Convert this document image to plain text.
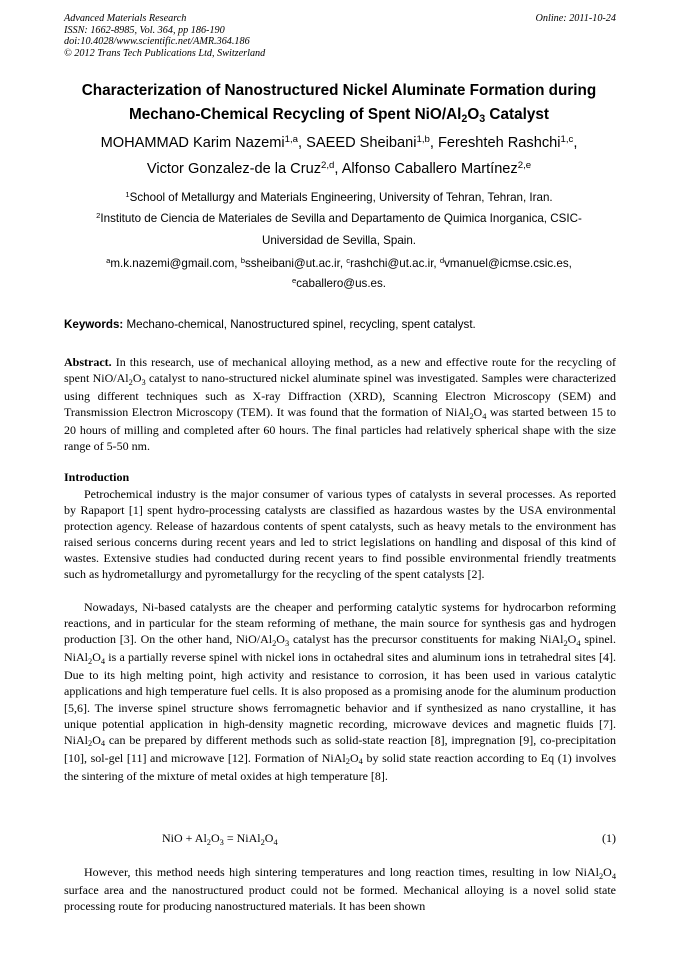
Advanced Materials Research
ISSN: 1662-8985, Vol. 364, pp 186-190
doi:10.4028/www.scientific.net/AMR.364.186
© 2012 Trans Tech Publications Ltd, Switzerland
Online: 2011-10-24
Characterization of Nanostructured Nickel Aluminate Formation during
Mechano-Chemical Recycling of Spent NiO/$Al_2O_3$ Catalyst
MOHAMMAD Karim Nazemi$^{1,a}$, SAEED Sheibani$^{1,b}$, Fereshteh Rashchi$^{1,c}$,
Victor Gonzalez-de la Cruz$^{2,d}$, Alfonso Caballero Martínez$^{2,e}$
$^1$School of Metallurgy and Materials Engineering, University of Tehran, Tehran, Iran.
$^2$Instituto de Ciencia de Materiales de Sevilla and Departamento de Quimica Inorganica, CSIC-
Universidad de Sevilla, Spain.
$^a$m.k.nazemi@gmail.com, $^b$ssheibani@ut.ac.ir, $^c$rashchi@ut.ac.ir, $^d$vmanuel@icmse.csic.es,
$^e$caballero@us.es.
Keywords: Mechano-chemical, Nanostructured spinel, recycling, spent catalyst.

Abstract. In this research, use of mechanical alloying method, as a new and effective route for the recycling of spent NiO/$Al_2O_3$ catalyst to nano-structured nickel aluminate spinel was investigated. Samples were characterized using different techniques such as X-ray Diffraction (XRD), Scanning Electron Microscopy (SEM) and Transmission Electron Microscopy (TEM). It was found that the formation of $NiAl_2O_4$ was started between 15 to 20 hours of milling and completed after 60 hours. The final particles had relatively spherical shape with the size range of 5-50 nm.

Introduction

Petrochemical industry is the major consumer of various types of catalysts in several processes. As reported by Rapaport [1] spent hydro-processing catalysts are classified as hazardous wastes by the USA environmental protection agency. Release of hazardous contents of spent catalysts, such as heavy metals to the environment has raised serious concerns during recent years and led to strict legislations on handling and disposal of this kind of wastes. Extensive studies had conducted during recent years to find possible environmental friendly treatments such as hydrometallurgy and pyrometallurgy for the recycling of the spent catalysts [2].

Nowadays, Ni-based catalysts are the cheaper and performing catalytic systems for hydrocarbon reforming reactions, and in particular for the steam reforming of methane, the main source for synthesis gas and hydrogen production [3]. On the other hand, NiO/$Al_2O_3$ catalyst has the precursor constituents for making $NiAl_2O_4$ spinel. $NiAl_2O_4$ is a partially reverse spinel with nickel ions in octahedral sites and aluminum ions in tetrahedral sites [4]. Due to its high melting point, high activity and resistance to corrosion, it has been used in various catalytic applications and high temperature fuel cells. It is also proposed as a promising anode for the aluminum production [5,6]. The inverse spinel structure shows ferromagnetic behavior and if synthesized as nano crystalline, it has unique potential application in high-density magnetic recording, microwave devices and magnetic fluids [7]. $NiAl_2O_4$ can be prepared by different methods such as solid-state reaction [8], impregnation [9], co-precipitation [10], sol-gel [11] and microwave [12]. Formation of $NiAl_2O_4$ by solid state reaction according to Eq (1) involves the sintering of the mixture of metal oxides at high temperature [8].

NiO + $Al_2O_3$ = $NiAl_2O_4$	(1)

However, this method needs high sintering temperatures and long reaction times, resulting in low $NiAl_2O_4$ surface area and the nanostructured product could not be formed. Mechanical alloying is a novel solid state processing route for producing nanostructured materials. It has been shown
